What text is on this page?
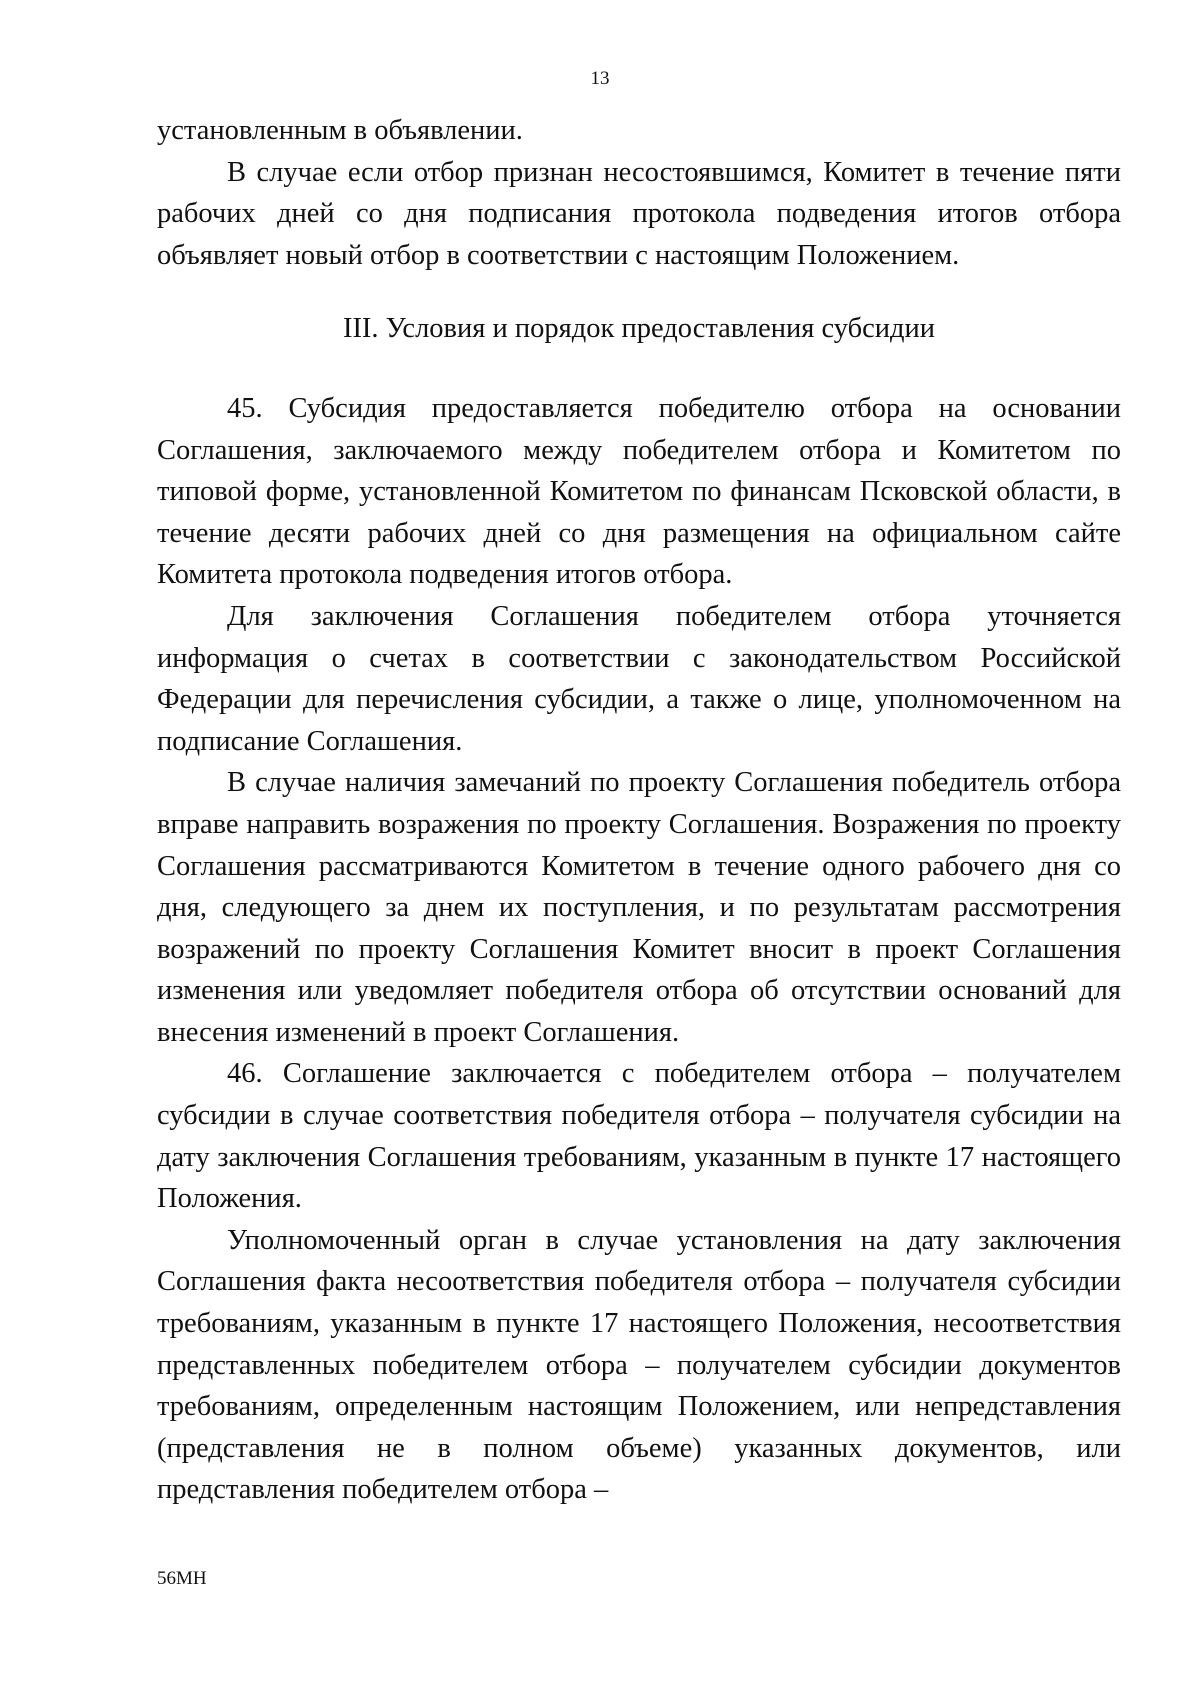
13

установленным в объявлении.

В случае если отбор признан несостоявшимся, Комитет в течение пяти рабочих дней со дня подписания протокола подведения итогов отбора объявляет новый отбор в соответствии с настоящим Положением.

III. Условия и порядок предоставления субсидии

45. Субсидия предоставляется победителю отбора на основании Соглашения, заключаемого между победителем отбора и Комитетом по типовой форме, установленной Комитетом по финансам Псковской области, в течение десяти рабочих дней со дня размещения на официальном сайте Комитета протокола подведения итогов отбора.

Для заключения Соглашения победителем отбора уточняется информация о счетах в соответствии с законодательством Российской Федерации для перечисления субсидии, а также о лице, уполномоченном на подписание Соглашения.

В случае наличия замечаний по проекту Соглашения победитель отбора вправе направить возражения по проекту Соглашения. Возражения по проекту Соглашения рассматриваются Комитетом в течение одного рабочего дня со дня, следующего за днем их поступления, и по результатам рассмотрения возражений по проекту Соглашения Комитет вносит в проект Соглашения изменения или уведомляет победителя отбора об отсутствии оснований для внесения изменений в проект Соглашения.

46. Соглашение заключается с победителем отбора – получателем субсидии в случае соответствия победителя отбора – получателя субсидии на дату заключения Соглашения требованиям, указанным в пункте 17 настоящего Положения.

Уполномоченный орган в случае установления на дату заключения Соглашения факта несоответствия победителя отбора – получателя субсидии требованиям, указанным в пункте 17 настоящего Положения, несоответствия представленных победителем отбора – получателем субсидии документов требованиям, определенным настоящим Положением, или непредставления (представления не в полном объеме) указанных документов, или представления победителем отбора –

56МН
